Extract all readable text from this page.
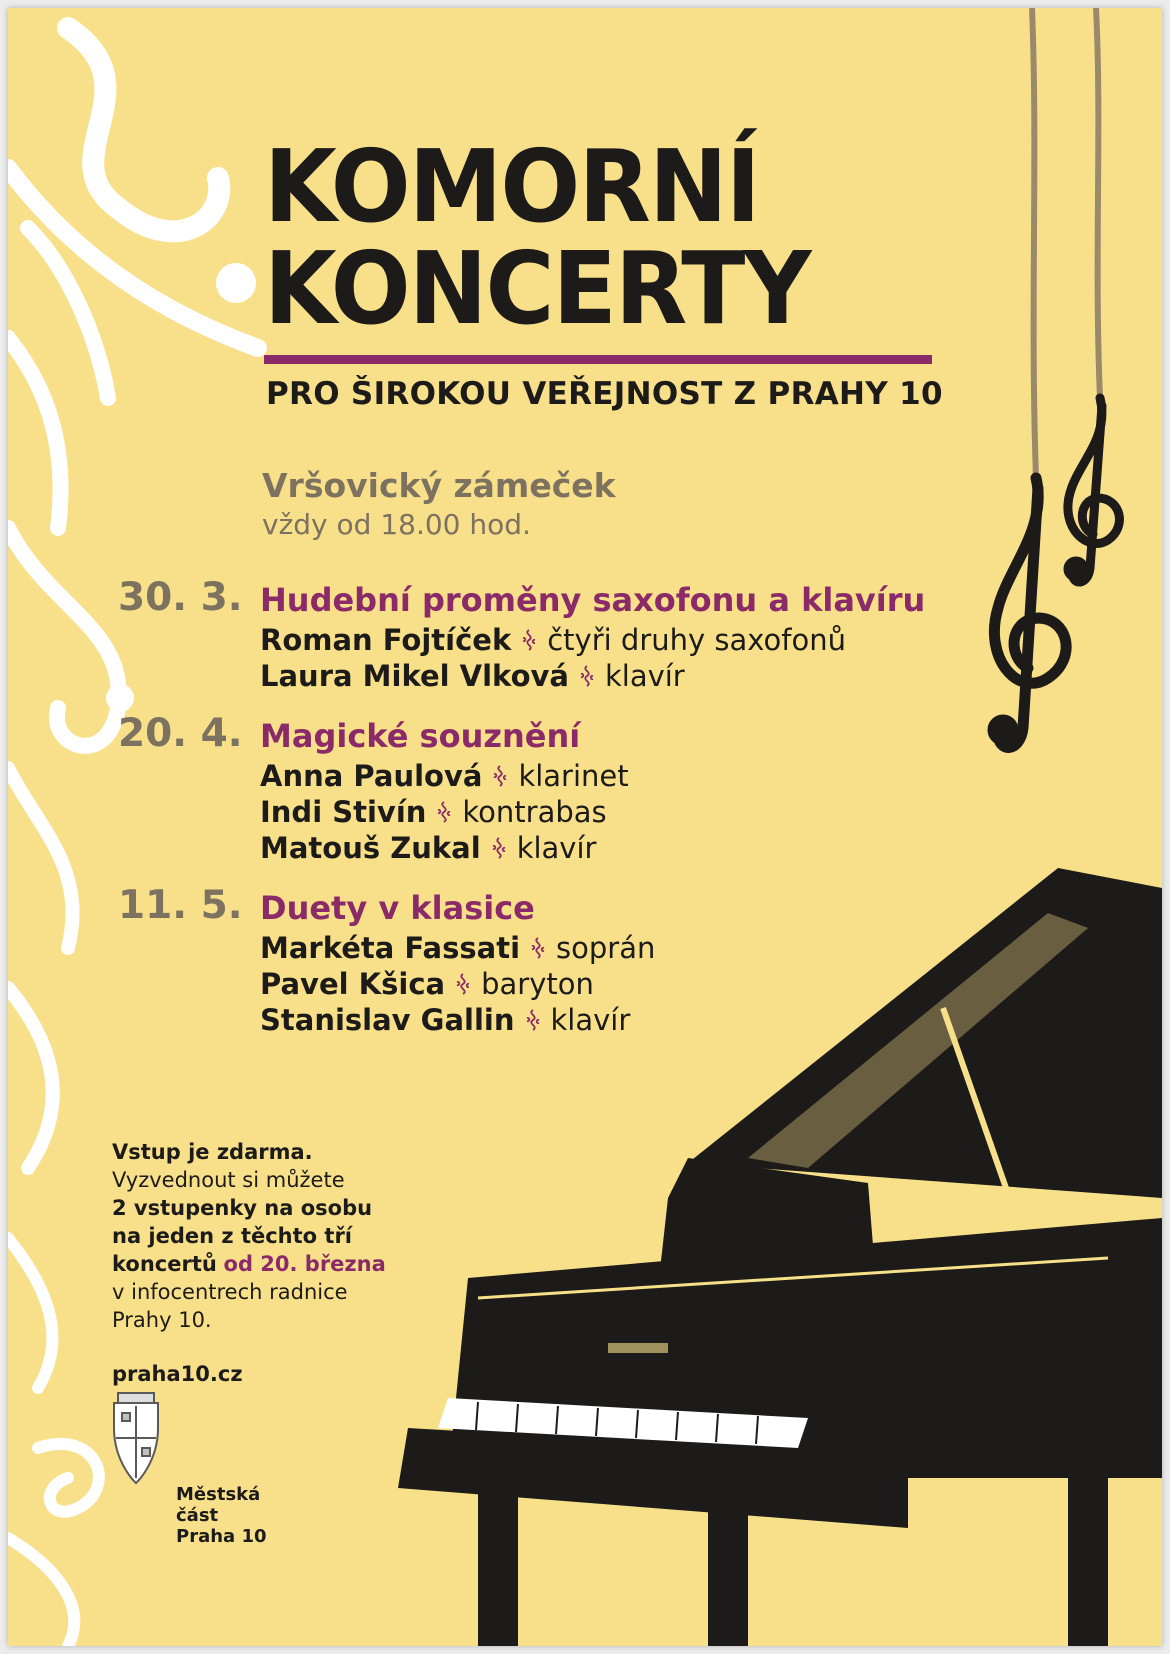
KOMORNÍ
KONCERTY
PRO ŠIROKOU VEŘEJNOST Z PRAHY 10
Vršovický zámeček
vždy od 18.00 hod.
30. 3. Hudební proměny saxofonu a klavíru
Roman Fojtíček čtyři druhy saxofonů
Laura Mikel Vlková klavír
20. 4. Magické souznění
Anna Paulová klarinet
Indi Stivín kontrabas
Matouš Zukal klavír
11. 5. Duety v klasice
Markéta Fassati soprán
Pavel Kšica baryton
Stanislav Gallin klavír
Vstup je zdarma.
Vyzvednout si můžete
2 vstupenky na osobu
na jeden z těchto tří
koncertů od 20. března
v infocentrech radnice
Prahy 10.
praha10.cz
Městská
část
Praha 10
